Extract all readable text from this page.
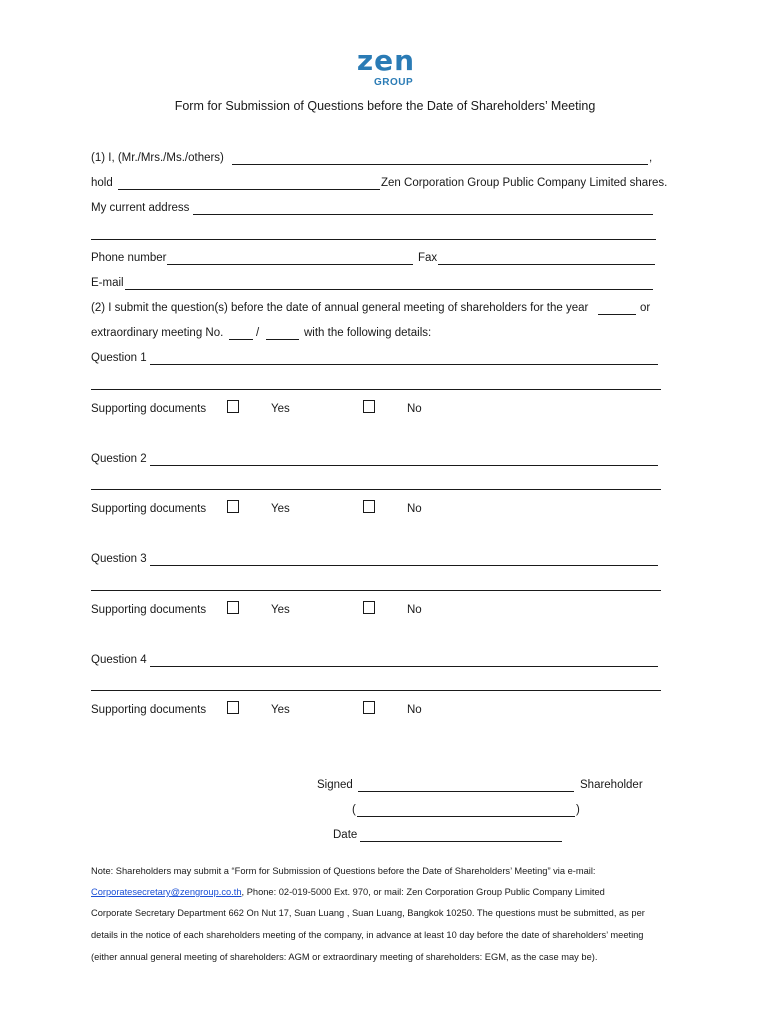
zen
GROUP
Form for Submission of Questions before the Date of Shareholders’ Meeting
(1) I, (Mr./Mrs./Ms./others)	,
hold	Zen Corporation Group Public Company Limited shares.
My current address
Phone number	Fax
E-mail
(2) I submit the question(s) before the date of annual general meeting of shareholders for the year	or
extraordinary meeting No.	/	with the following details:
Question 1
Supporting documents	Yes	No
Question 2
Supporting documents	Yes	No
Question 3
Supporting documents	Yes	No
Question 4
Supporting documents	Yes	No
Signed	Shareholder
(	)
Date
Note: Shareholders may submit a “Form for Submission of Questions before the Date of Shareholders’ Meeting” via e-mail:
Corporatesecretary@zengroup.co.th, Phone: 02-019-5000 Ext. 970, or mail: Zen Corporation Group Public Company Limited
Corporate Secretary Department 662 On Nut 17, Suan Luang , Suan Luang, Bangkok 10250. The questions must be submitted, as per
details in the notice of each shareholders meeting of the company, in advance at least 10 day before the date of shareholders’ meeting
(either annual general meeting of shareholders: AGM or extraordinary meeting of shareholders: EGM, as the case may be).
